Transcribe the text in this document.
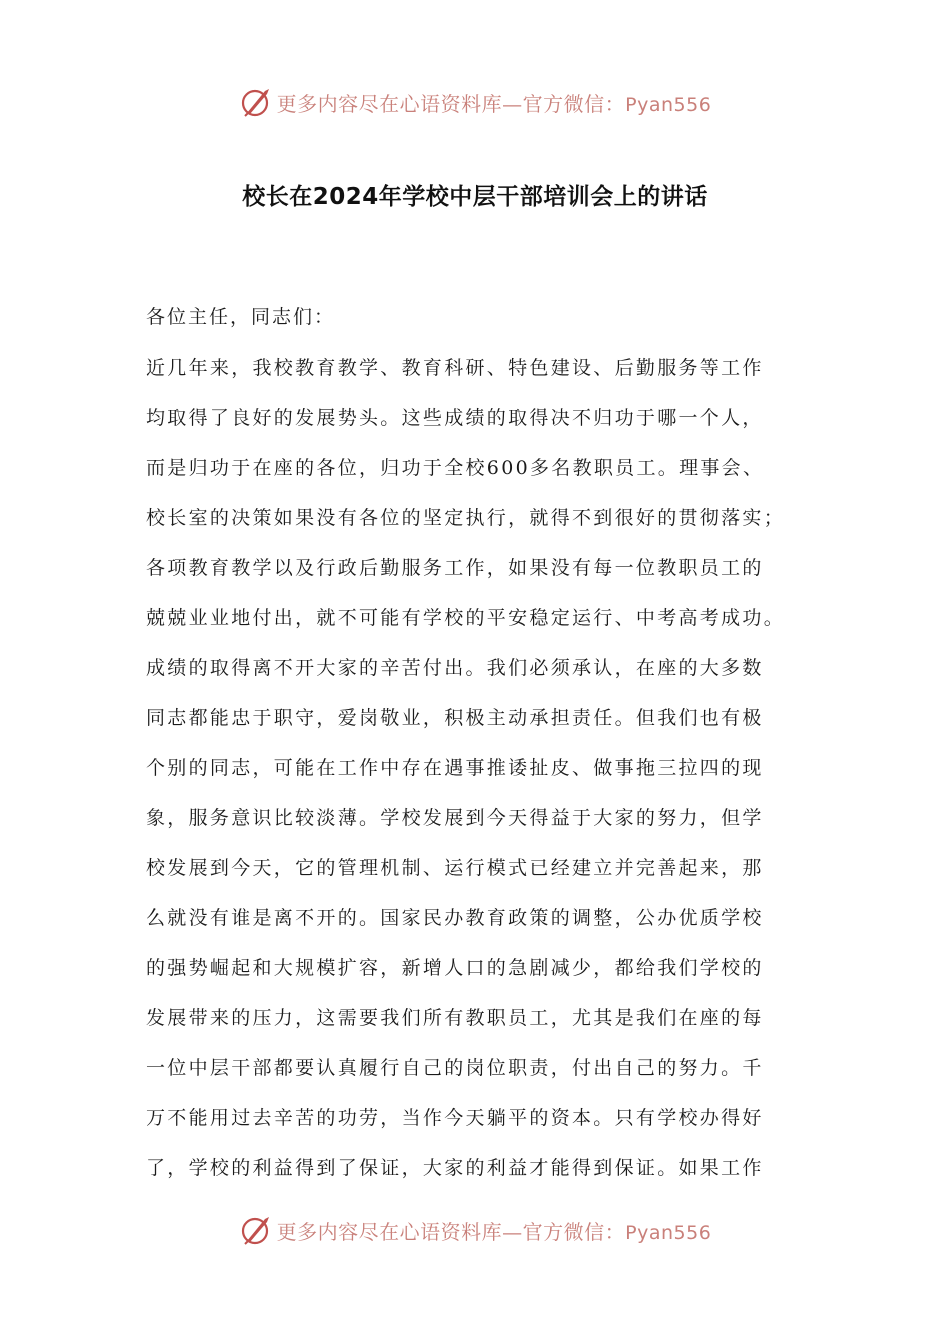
更多内容尽在心语资料库—官方微信：Pyan556
校长在2024年学校中层干部培训会上的讲话

各位主任，同志们：

近几年来，我校教育教学、教育科研、特色建设、后勤服务等工作
均取得了良好的发展势头。这些成绩的取得决不归功于哪一个人，
而是归功于在座的各位，归功于全校600多名教职员工。理事会、
校长室的决策如果没有各位的坚定执行，就得不到很好的贯彻落实；
各项教育教学以及行政后勤服务工作，如果没有每一位教职员工的
兢兢业业地付出，就不可能有学校的平安稳定运行、中考高考成功。
成绩的取得离不开大家的辛苦付出。我们必须承认，在座的大多数
同志都能忠于职守，爱岗敬业，积极主动承担责任。但我们也有极
个别的同志，可能在工作中存在遇事推诿扯皮、做事拖三拉四的现
象，服务意识比较淡薄。学校发展到今天得益于大家的努力，但学
校发展到今天，它的管理机制、运行模式已经建立并完善起来，那
么就没有谁是离不开的。国家民办教育政策的调整，公办优质学校
的强势崛起和大规模扩容，新增人口的急剧减少，都给我们学校的
发展带来的压力，这需要我们所有教职员工，尤其是我们在座的每
一位中层干部都要认真履行自己的岗位职责，付出自己的努力。千
万不能用过去辛苦的功劳，当作今天躺平的资本。只有学校办得好
了，学校的利益得到了保证，大家的利益才能得到保证。如果工作
更多内容尽在心语资料库—官方微信：Pyan556
